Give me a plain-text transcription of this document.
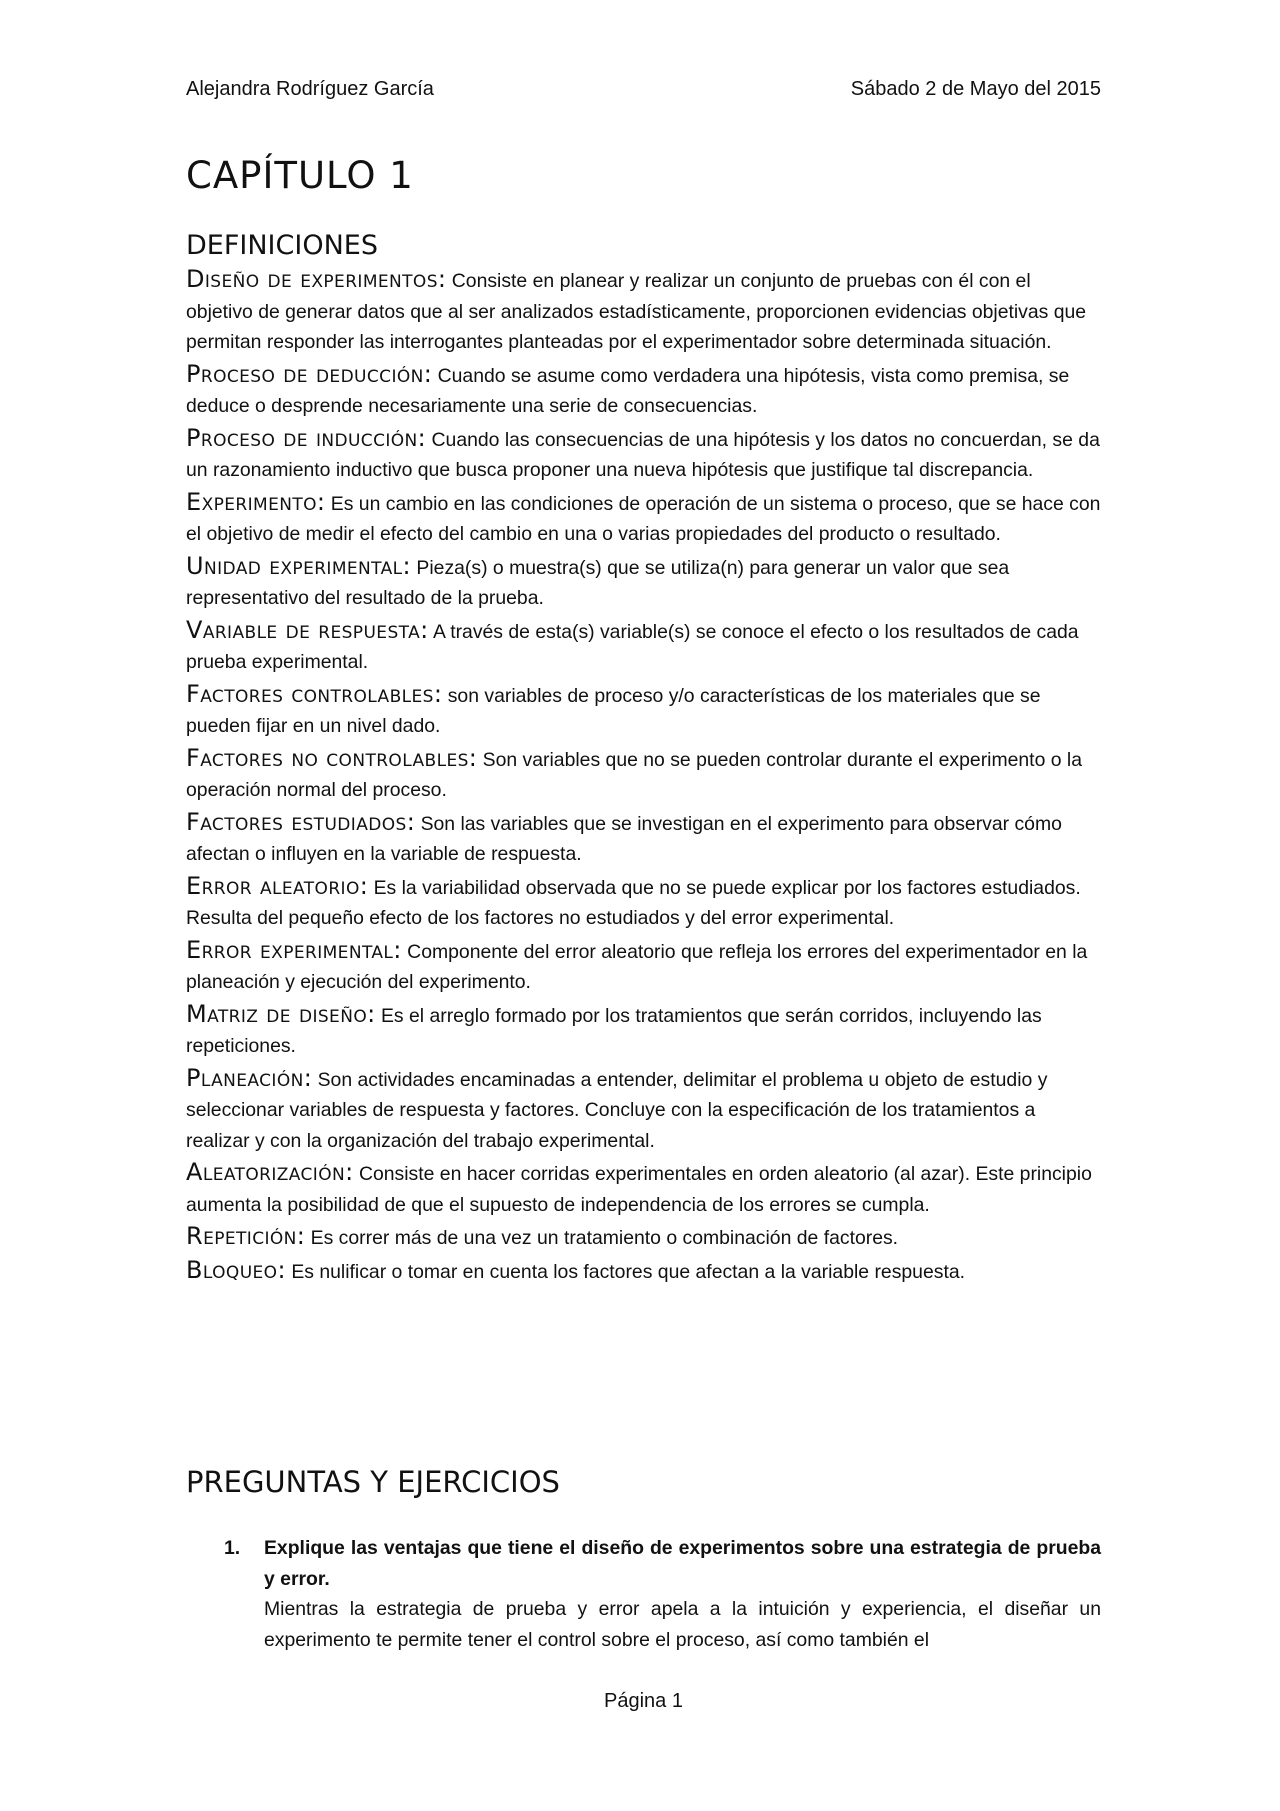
Alejandra Rodríguez García	Sábado 2 de Mayo del 2015
CAPÍTULO 1
DEFINICIONES

Diseño de experimentos: Consiste en planear y realizar un conjunto de pruebas con él con el objetivo de generar datos que al ser analizados estadísticamente, proporcionen evidencias objetivas que permitan responder las interrogantes planteadas por el experimentador sobre determinada situación.

Proceso de deducción: Cuando se asume como verdadera una hipótesis, vista como premisa, se deduce o desprende necesariamente una serie de consecuencias.

Proceso de inducción: Cuando las consecuencias de una hipótesis y los datos no concuerdan, se da un razonamiento inductivo que busca proponer una nueva hipótesis que justifique tal discrepancia.

Experimento: Es un cambio en las condiciones de operación de un sistema o proceso, que se hace con el objetivo de medir el efecto del cambio en una o varias propiedades del producto o resultado.

Unidad experimental: Pieza(s) o muestra(s) que se utiliza(n) para generar un valor que sea representativo del resultado de la prueba.

Variable de respuesta: A través de esta(s) variable(s) se conoce el efecto o los resultados de cada prueba experimental.

Factores controlables: son variables de proceso y/o características de los materiales que se pueden fijar en un nivel dado.

Factores no controlables: Son variables que no se pueden controlar durante el experimento o la operación normal del proceso.

Factores estudiados: Son las variables que se investigan en el experimento para observar cómo afectan o influyen en la variable de respuesta.

Error aleatorio: Es la variabilidad observada que no se puede explicar por los factores estudiados. Resulta del pequeño efecto de los factores no estudiados y del error experimental.

Error experimental: Componente del error aleatorio que refleja los errores del experimentador en la planeación y ejecución del experimento.

Matriz de diseño: Es el arreglo formado por los tratamientos que serán corridos, incluyendo las repeticiones.

Planeación: Son actividades encaminadas a entender, delimitar el problema u objeto de estudio y seleccionar variables de respuesta y factores. Concluye con la especificación de los tratamientos a realizar y con la organización del trabajo experimental.

Aleatorización: Consiste en hacer corridas experimentales en orden aleatorio (al azar). Este principio aumenta la posibilidad de que el supuesto de independencia de los errores se cumpla.

Repetición: Es correr más de una vez un tratamiento o combinación de factores.

Bloqueo: Es nulificar o tomar en cuenta los factores que afectan a la variable respuesta.

PREGUNTAS Y EJERCICIOS
1.	Explique las ventajas que tiene el diseño de experimentos sobre una estrategia de prueba y error.
Mientras la estrategia de prueba y error apela a la intuición y experiencia, el diseñar un experimento te permite tener el control sobre el proceso, así como también el
Página 1
